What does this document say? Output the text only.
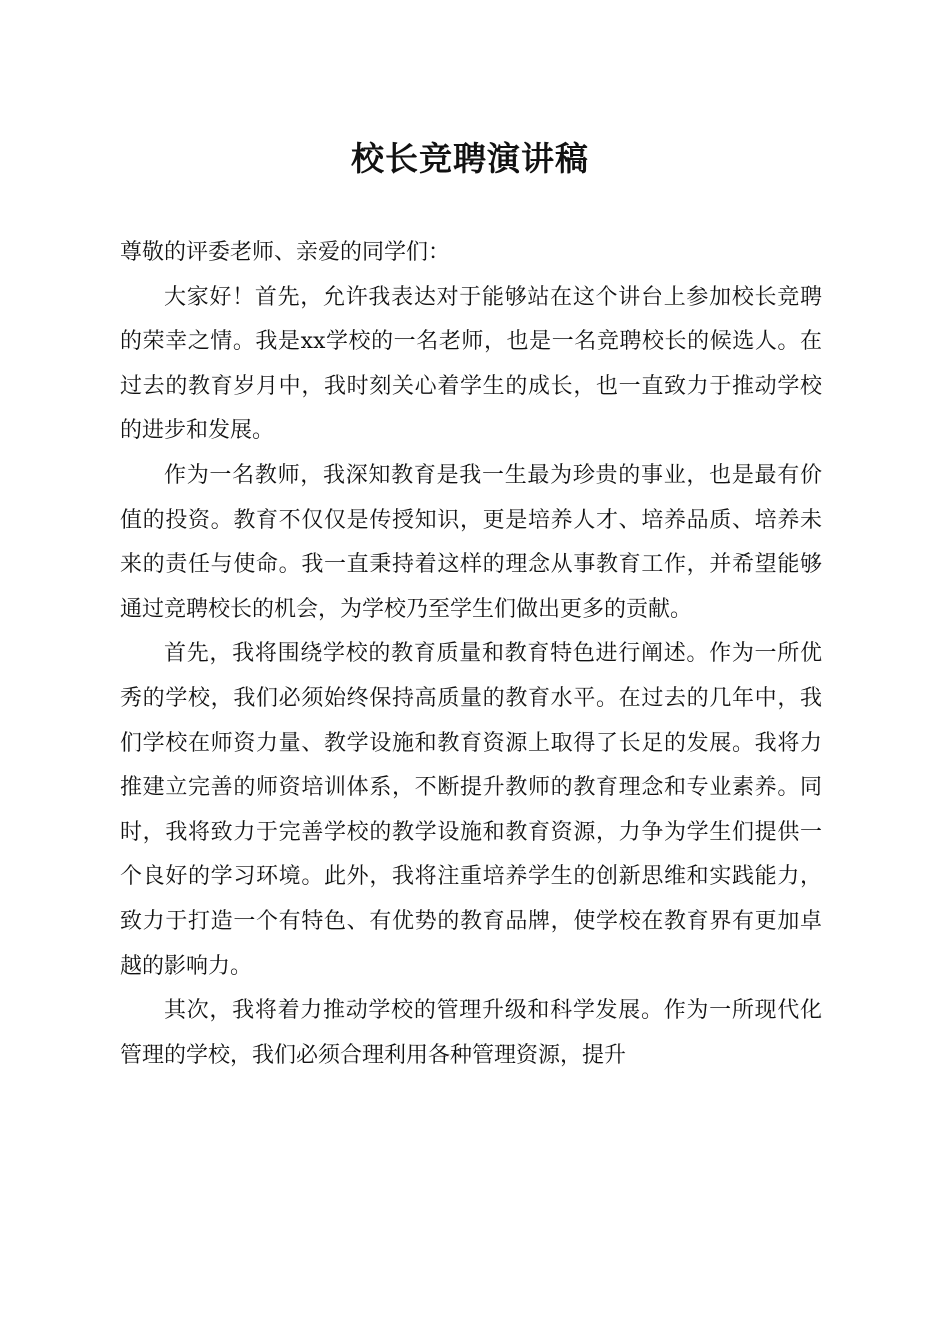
校长竞聘演讲稿

尊敬的评委老师、亲爱的同学们：

大家好！首先，允许我表达对于能够站在这个讲台上参加校长竞聘的荣幸之情。我是xx学校的一名老师，也是一名竞聘校长的候选人。在过去的教育岁月中，我时刻关心着学生的成长，也一直致力于推动学校的进步和发展。

作为一名教师，我深知教育是我一生最为珍贵的事业，也是最有价值的投资。教育不仅仅是传授知识，更是培养人才、培养品质、培养未来的责任与使命。我一直秉持着这样的理念从事教育工作，并希望能够通过竞聘校长的机会，为学校乃至学生们做出更多的贡献。

首先，我将围绕学校的教育质量和教育特色进行阐述。作为一所优秀的学校，我们必须始终保持高质量的教育水平。在过去的几年中，我们学校在师资力量、教学设施和教育资源上取得了长足的发展。我将力推建立完善的师资培训体系，不断提升教师的教育理念和专业素养。同时，我将致力于完善学校的教学设施和教育资源，力争为学生们提供一个良好的学习环境。此外，我将注重培养学生的创新思维和实践能力，致力于打造一个有特色、有优势的教育品牌，使学校在教育界有更加卓越的影响力。

其次，我将着力推动学校的管理升级和科学发展。作为一所现代化管理的学校，我们必须合理利用各种管理资源，提升
